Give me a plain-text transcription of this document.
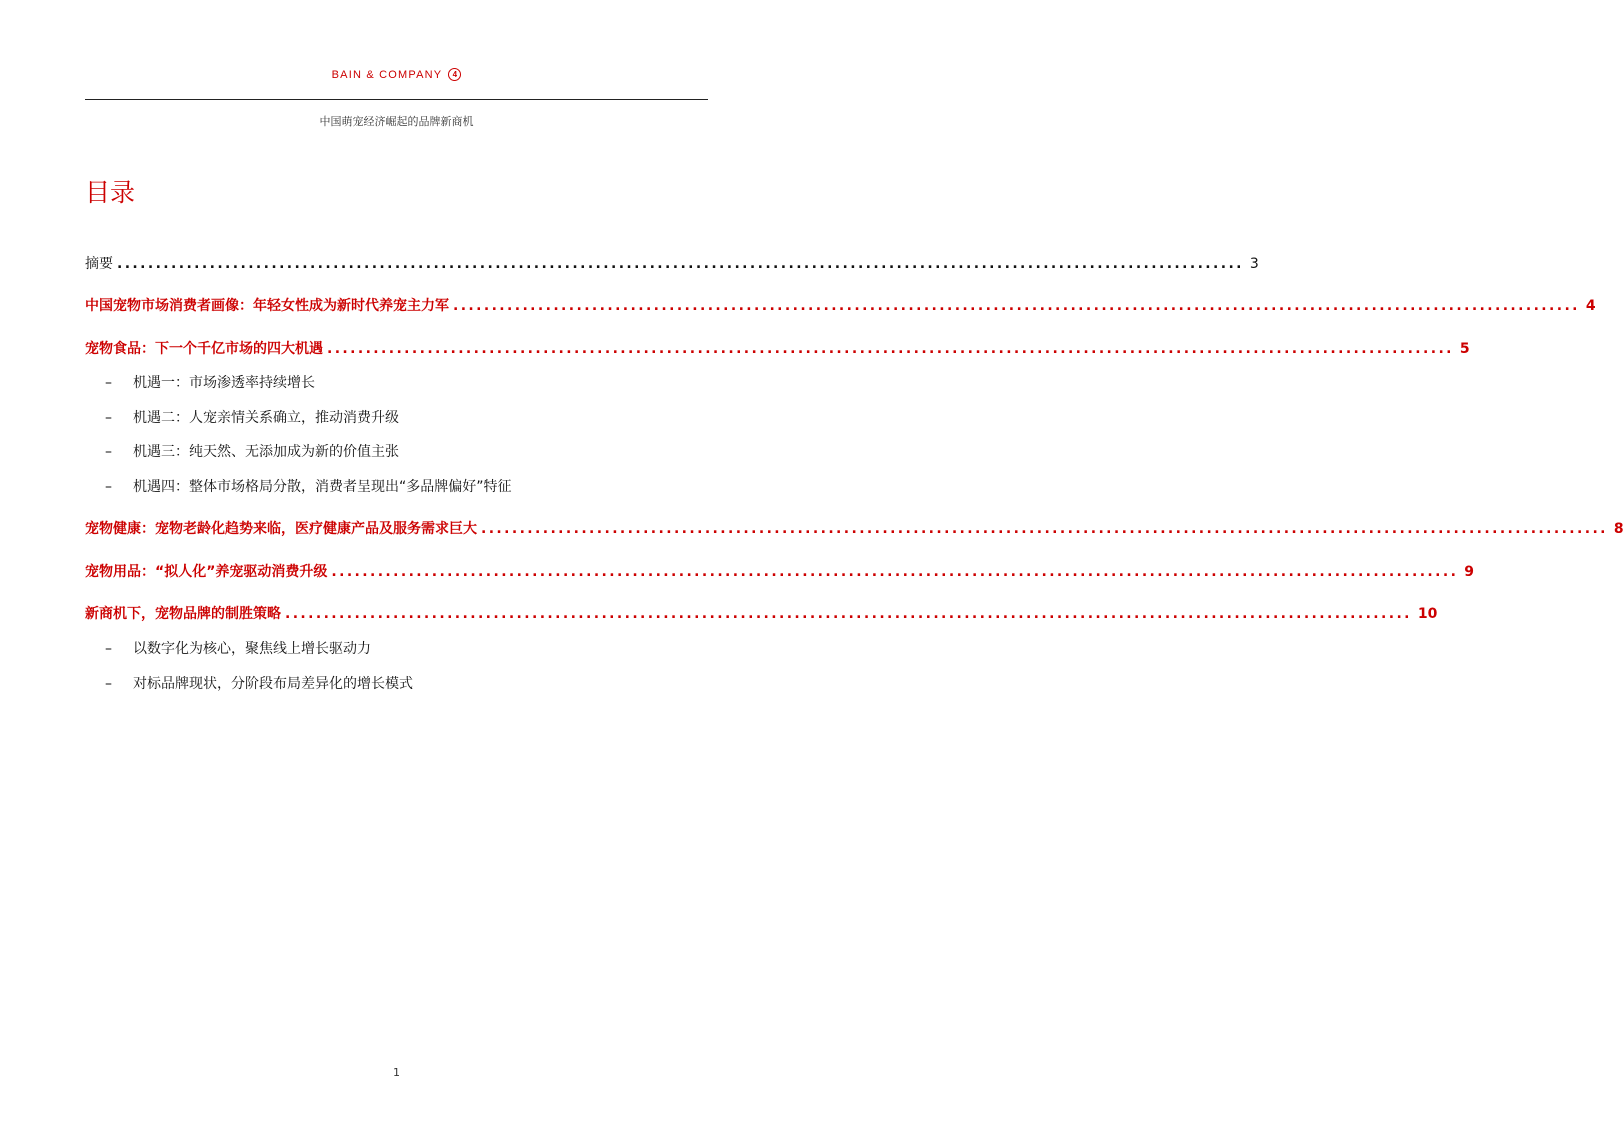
BAIN & COMPANY	4
中国萌宠经济崛起的品牌新商机
目录
摘要 .................................................................................................................................................. 3
中国宠物市场消费者画像：年轻女性成为新时代养宠主力军 .................................................................................................................................................. 4
宠物食品：下一个千亿市场的四大机遇 .................................................................................................................................................. 5
– 机遇一：市场渗透率持续增长
– 机遇二：人宠亲情关系确立，推动消费升级
– 机遇三：纯天然、无添加成为新的价值主张
– 机遇四：整体市场格局分散，消费者呈现出“多品牌偏好”特征
宠物健康：宠物老龄化趋势来临，医疗健康产品及服务需求巨大 .................................................................................................................................................. 8
宠物用品：“拟人化”养宠驱动消费升级 .................................................................................................................................................. 9
新商机下，宠物品牌的制胜策略 .................................................................................................................................................. 10
– 以数字化为核心，聚焦线上增长驱动力
– 对标品牌现状，分阶段布局差异化的增长模式
1
